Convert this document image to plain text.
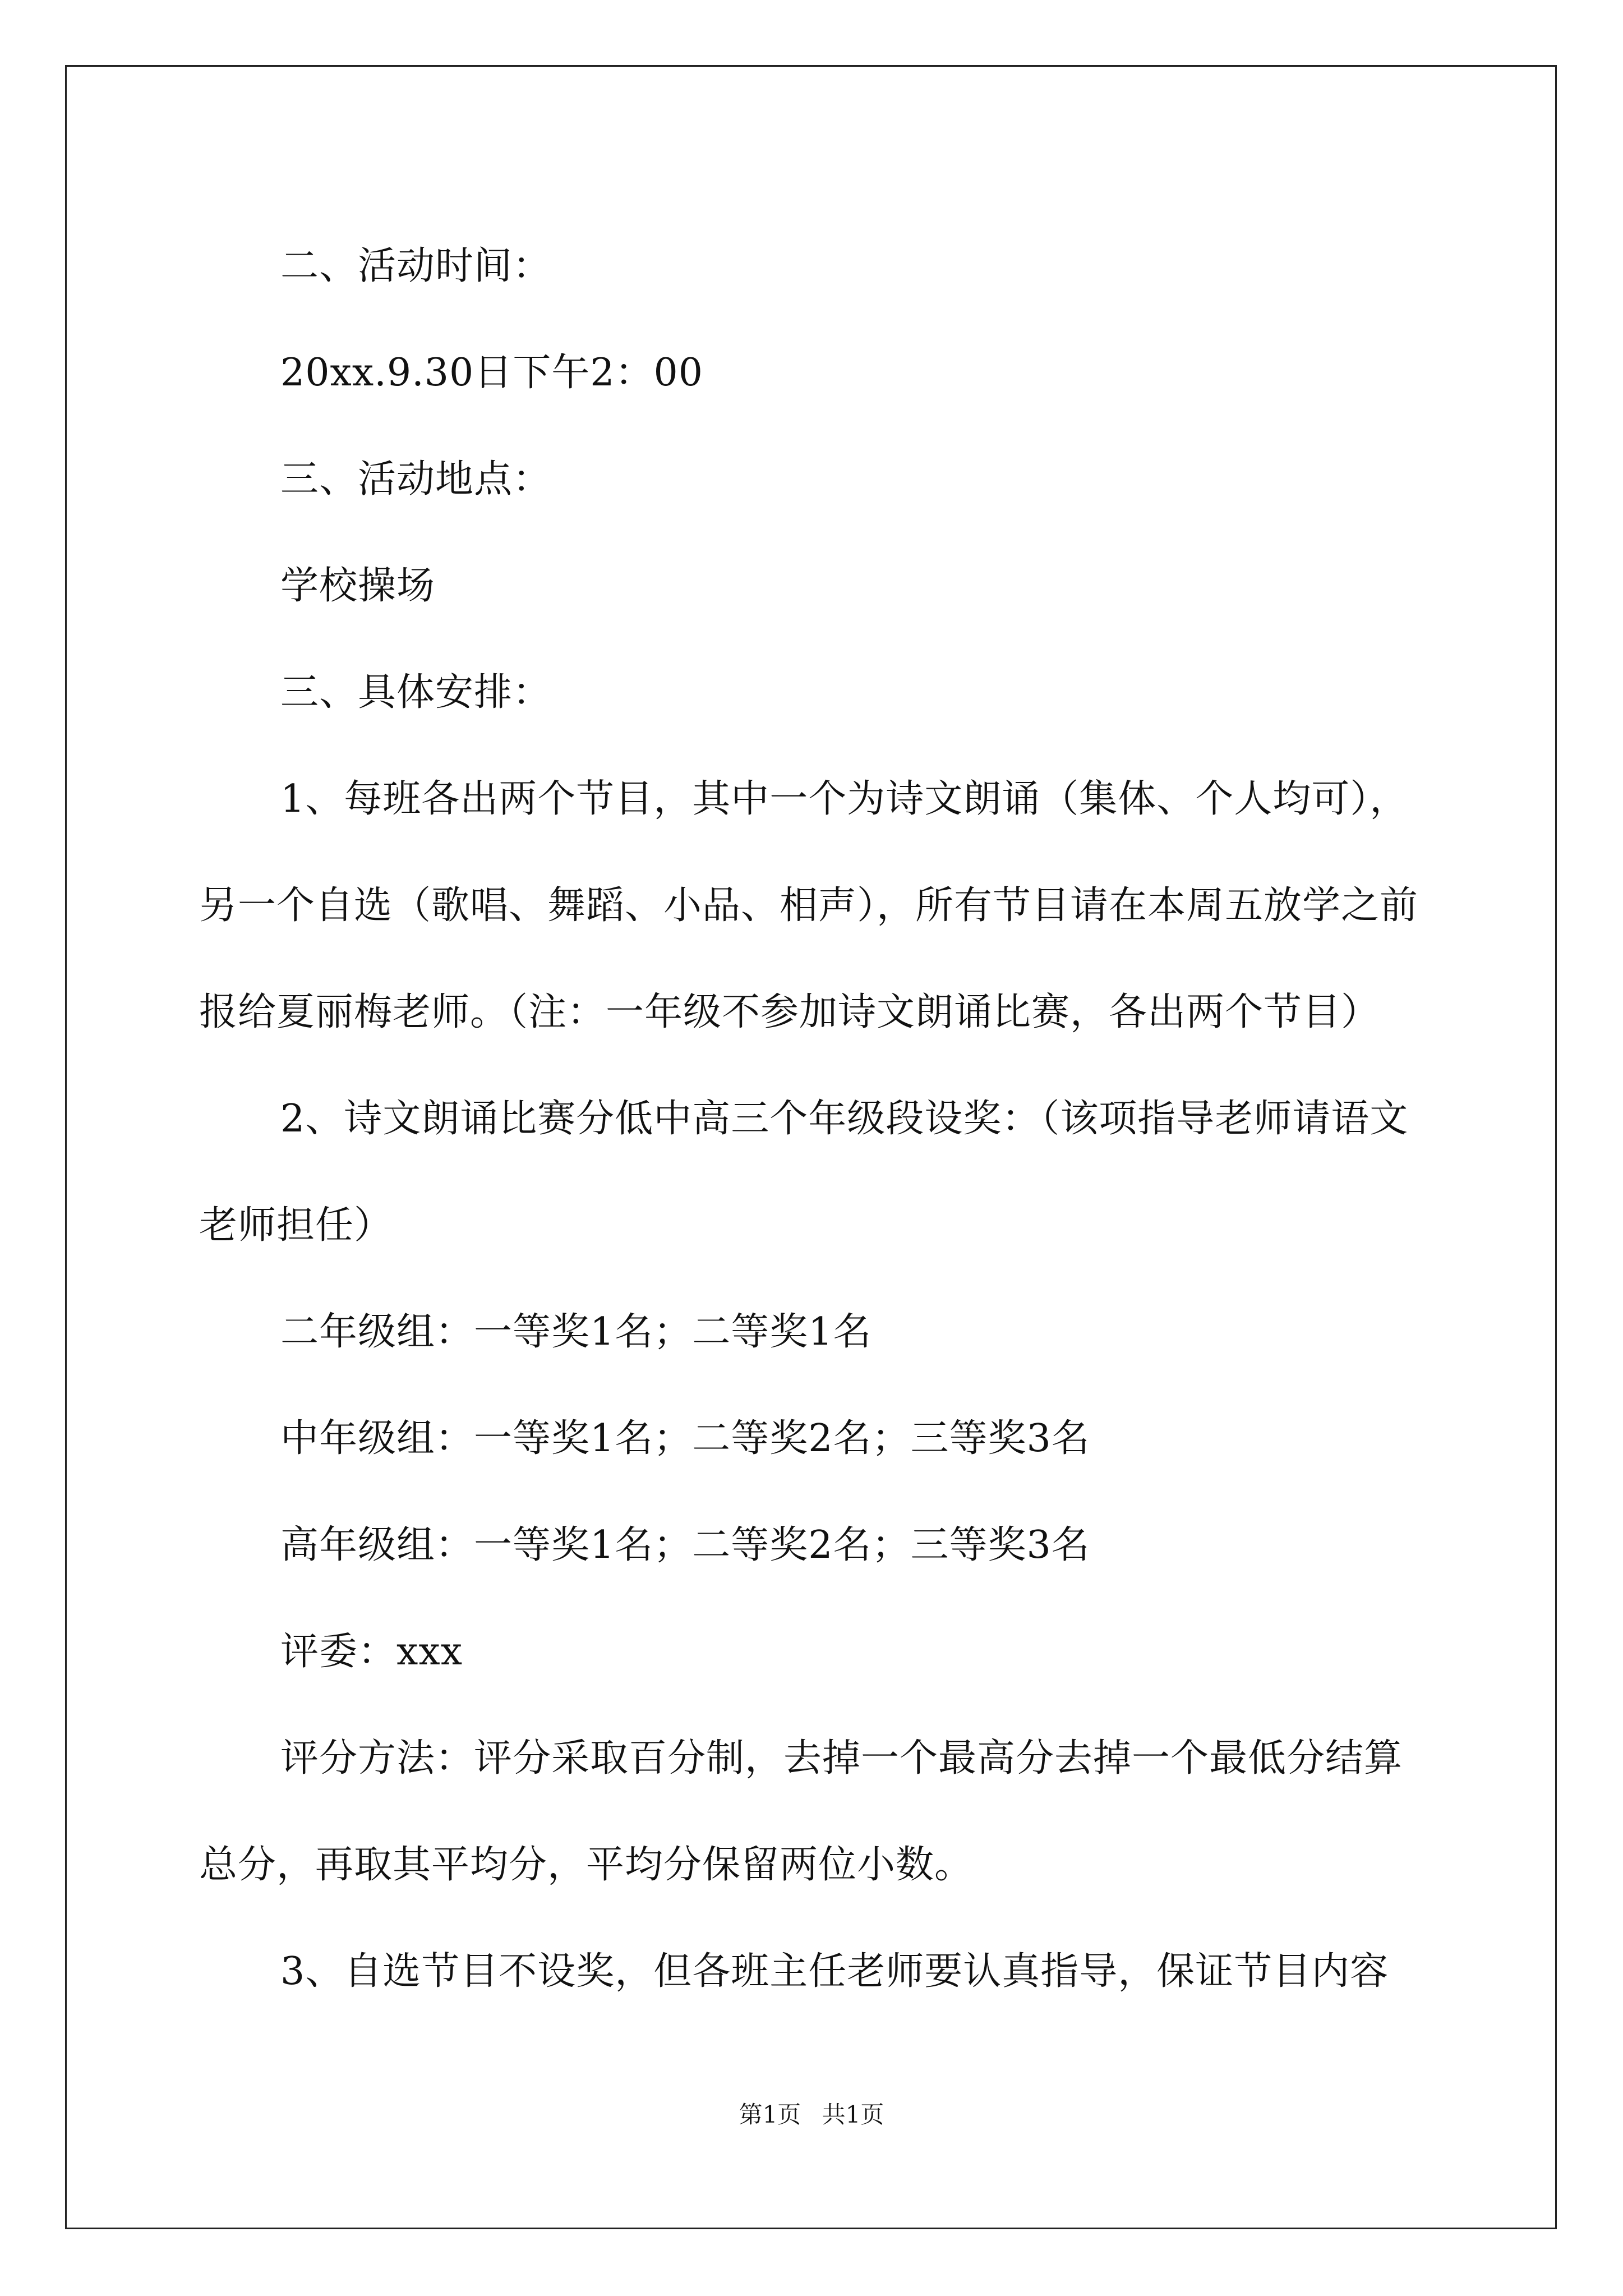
二、活动时间：

20xx.9.30日下午2：00

三、活动地点：

学校操场

三、具体安排：

1、每班各出两个节目，其中一个为诗文朗诵（集体、个人均可），另一个自选（歌唱、舞蹈、小品、相声），所有节目请在本周五放学之前报给夏丽梅老师。（注：一年级不参加诗文朗诵比赛，各出两个节目）

2、诗文朗诵比赛分低中高三个年级段设奖：（该项指导老师请语文老师担任）

二年级组：一等奖1名；二等奖1名

中年级组：一等奖1名；二等奖2名；三等奖3名

高年级组：一等奖1名；二等奖2名；三等奖3名

评委：xxx

评分方法：评分采取百分制，去掉一个最高分去掉一个最低分结算总分，再取其平均分，平均分保留两位小数。

3、自选节目不设奖，但各班主任老师要认真指导，保证节目内容

第1页 共1页
